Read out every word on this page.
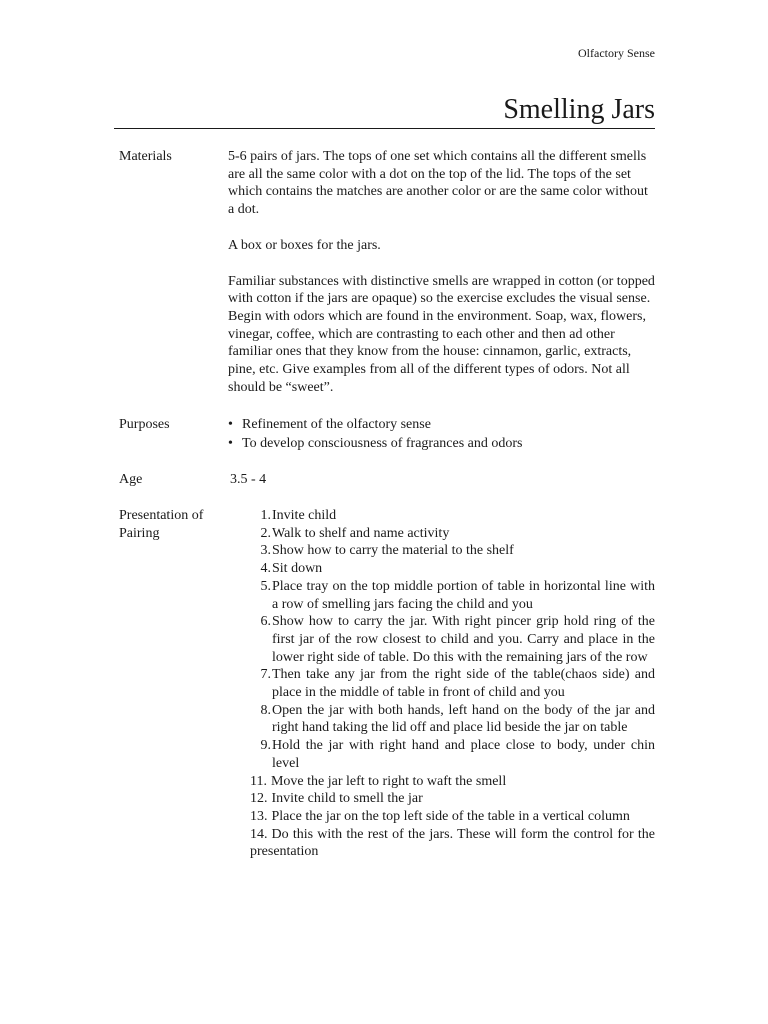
Olfactory Sense
Smelling Jars
Materials	5-6 pairs of jars. The tops of one set which contains all the different smells are all the same color with a dot on the top of the lid. The tops of the set which contains the matches are another color or are the same color without a dot.

A box or boxes for the jars.

Familiar substances with distinctive smells are wrapped in cotton (or topped with cotton if the jars are opaque) so the exercise excludes the visual sense. Begin with odors which are found in the environment. Soap, wax, flowers, vinegar, coffee, which are contrasting to each other and then ad other familiar ones that they know from the house: cinnamon, garlic, extracts, pine, etc. Give examples from all of the different types of odors. Not all should be “sweet”.

Purposes
•	Refinement of the olfactory sense
• To develop consciousness of fragrances and odors
Age	3.5 - 4
Presentation of Pairing
1. Invite child
2. Walk to shelf and name activity
3. Show how to carry the material to the shelf
4. Sit down
5. Place tray on the top middle portion of table in horizontal line with a row of smelling jars facing the child and you
6. Show how to carry the jar. With right pincer grip hold ring of the first jar of the row closest to child and you. Carry and place in the lower right side of table. Do this with the remaining jars of the row
7. Then take any jar from the right side of the table(chaos side) and place in the middle of table in front of child and you
8. Open the jar with both hands, left hand on the body of the jar and right hand taking the lid off and place lid beside the jar on table
9. Hold the jar with right hand and place close to body, under chin level
11. Move the jar left to right to waft the smell
12. Invite child to smell the jar
13. Place the jar on the top left side of the table in a vertical column
14. Do this with the rest of the jars. These will form the control for the presentation
